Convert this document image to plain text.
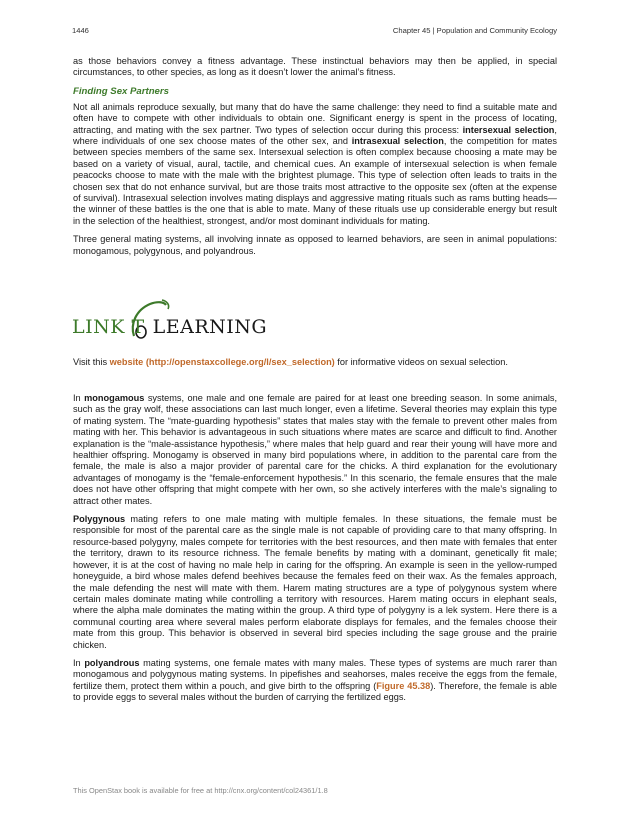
1446	Chapter 45 | Population and Community Ecology

as those behaviors convey a fitness advantage. These instinctual behaviors may then be applied, in special circumstances, to other species, as long as it doesn’t lower the animal’s fitness.

Finding Sex Partners

Not all animals reproduce sexually, but many that do have the same challenge: they need to find a suitable mate and often have to compete with other individuals to obtain one. Significant energy is spent in the process of locating, attracting, and mating with the sex partner. Two types of selection occur during this process: intersexual selection, where individuals of one sex choose mates of the other sex, and intrasexual selection, the competition for mates between species members of the same sex. Intersexual selection is often complex because choosing a mate may be based on a variety of visual, aural, tactile, and chemical cues. An example of intersexual selection is when female peacocks choose to mate with the male with the brightest plumage. This type of selection often leads to traits in the chosen sex that do not enhance survival, but are those traits most attractive to the opposite sex (often at the expense of survival). Intrasexual selection involves mating displays and aggressive mating rituals such as rams butting heads—the winner of these battles is the one that is able to mate. Many of these rituals use up considerable energy but result in the selection of the healthiest, strongest, and/or most dominant individuals for mating.

Three general mating systems, all involving innate as opposed to learned behaviors, are seen in animal populations: monogamous, polygynous, and polyandrous.

LINK T LEARNING
Visit this website (http://openstaxcollege.org/l/sex_selection) for informative videos on sexual selection.

In monogamous systems, one male and one female are paired for at least one breeding season. In some animals, such as the gray wolf, these associations can last much longer, even a lifetime. Several theories may explain this type of mating system. The “mate-guarding hypothesis” states that males stay with the female to prevent other males from mating with her. This behavior is advantageous in such situations where mates are scarce and difficult to find. Another explanation is the “male-assistance hypothesis,” where males that help guard and rear their young will have more and healthier offspring. Monogamy is observed in many bird populations where, in addition to the parental care from the female, the male is also a major provider of parental care for the chicks. A third explanation for the evolutionary advantages of monogamy is the “female-enforcement hypothesis.” In this scenario, the female ensures that the male does not have other offspring that might compete with her own, so she actively interferes with the male’s signaling to attract other mates.

Polygynous mating refers to one male mating with multiple females. In these situations, the female must be responsible for most of the parental care as the single male is not capable of providing care to that many offspring. In resource-based polygyny, males compete for territories with the best resources, and then mate with females that enter the territory, drawn to its resource richness. The female benefits by mating with a dominant, genetically fit male; however, it is at the cost of having no male help in caring for the offspring. An example is seen in the yellow-rumped honeyguide, a bird whose males defend beehives because the females feed on their wax. As the females approach, the male defending the nest will mate with them. Harem mating structures are a type of polygynous system where certain males dominate mating while controlling a territory with resources. Harem mating occurs in elephant seals, where the alpha male dominates the mating within the group. A third type of polygyny is a lek system. Here there is a communal courting area where several males perform elaborate displays for females, and the females choose their mate from this group. This behavior is observed in several bird species including the sage grouse and the prairie chicken.

In polyandrous mating systems, one female mates with many males. These types of systems are much rarer than monogamous and polygynous mating systems. In pipefishes and seahorses, males receive the eggs from the female, fertilize them, protect them within a pouch, and give birth to the offspring (Figure 45.38). Therefore, the female is able to provide eggs to several males without the burden of carrying the fertilized eggs.

This OpenStax book is available for free at http://cnx.org/content/col24361/1.8
